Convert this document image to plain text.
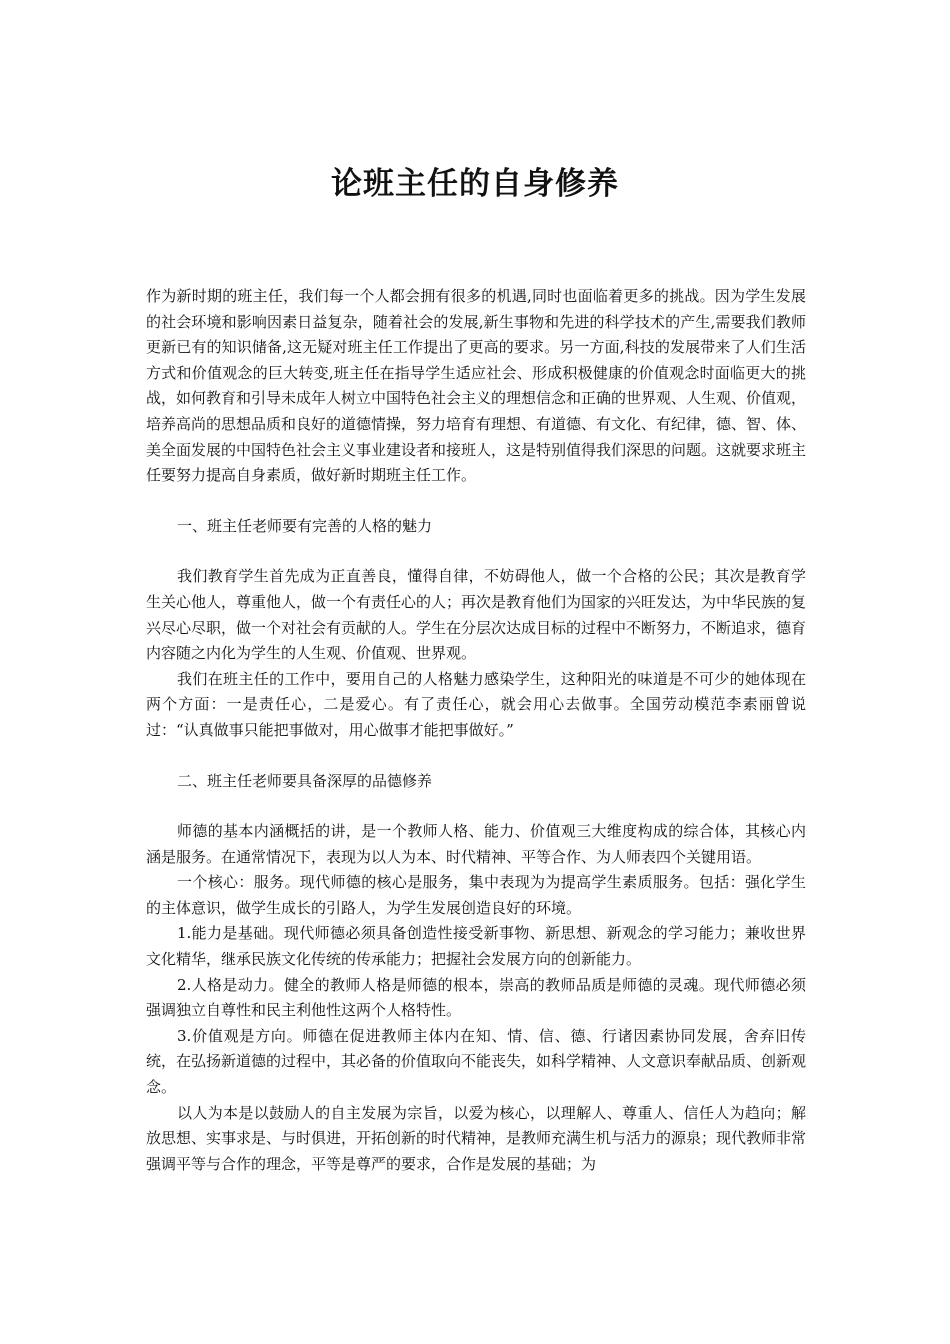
论班主任的自身修养

作为新时期的班主任，我们每一个人都会拥有很多的机遇,同时也面临着更多的挑战。因为学生发展的社会环境和影响因素日益复杂，随着社会的发展,新生事物和先进的科学技术的产生,需要我们教师更新已有的知识储备,这无疑对班主任工作提出了更高的要求。另一方面,科技的发展带来了人们生活方式和价值观念的巨大转变,班主任在指导学生适应社会、形成积极健康的价值观念时面临更大的挑战，如何教育和引导未成年人树立中国特色社会主义的理想信念和正确的世界观、人生观、价值观，培养高尚的思想品质和良好的道德情操，努力培育有理想、有道德、有文化、有纪律，德、智、体、美全面发展的中国特色社会主义事业建设者和接班人，这是特别值得我们深思的问题。这就要求班主任要努力提高自身素质，做好新时期班主任工作。

一、班主任老师要有完善的人格的魅力

我们教育学生首先成为正直善良，懂得自律，不妨碍他人，做一个合格的公民；其次是教育学生关心他人，尊重他人，做一个有责任心的人；再次是教育他们为国家的兴旺发达，为中华民族的复兴尽心尽职，做一个对社会有贡献的人。学生在分层次达成目标的过程中不断努力，不断追求，德育内容随之内化为学生的人生观、价值观、世界观。

我们在班主任的工作中，要用自己的人格魅力感染学生，这种阳光的味道是不可少的她体现在两个方面：一是责任心，二是爱心。有了责任心，就会用心去做事。全国劳动模范李素丽曾说过：“认真做事只能把事做对，用心做事才能把事做好。”

二、班主任老师要具备深厚的品德修养

师德的基本内涵概括的讲，是一个教师人格、能力、价值观三大维度构成的综合体，其核心内涵是服务。在通常情况下，表现为以人为本、时代精神、平等合作、为人师表四个关键用语。

一个核心：服务。现代师德的核心是服务，集中表现为为提高学生素质服务。包括：强化学生的主体意识，做学生成长的引路人，为学生发展创造良好的环境。

1.能力是基础。现代师德必须具备创造性接受新事物、新思想、新观念的学习能力；兼收世界文化精华，继承民族文化传统的传承能力；把握社会发展方向的创新能力。

2.人格是动力。健全的教师人格是师德的根本，崇高的教师品质是师德的灵魂。现代师德必须强调独立自尊性和民主利他性这两个人格特性。

3.价值观是方向。师德在促进教师主体内在知、情、信、德、行诸因素协同发展，舍弃旧传统，在弘扬新道德的过程中，其必备的价值取向不能丧失，如科学精神、人文意识奉献品质、创新观念。

以人为本是以鼓励人的自主发展为宗旨，以爱为核心，以理解人、尊重人、信任人为趋向；解放思想、实事求是、与时俱进，开拓创新的时代精神，是教师充满生机与活力的源泉；现代教师非常强调平等与合作的理念，平等是尊严的要求，合作是发展的基础；为
